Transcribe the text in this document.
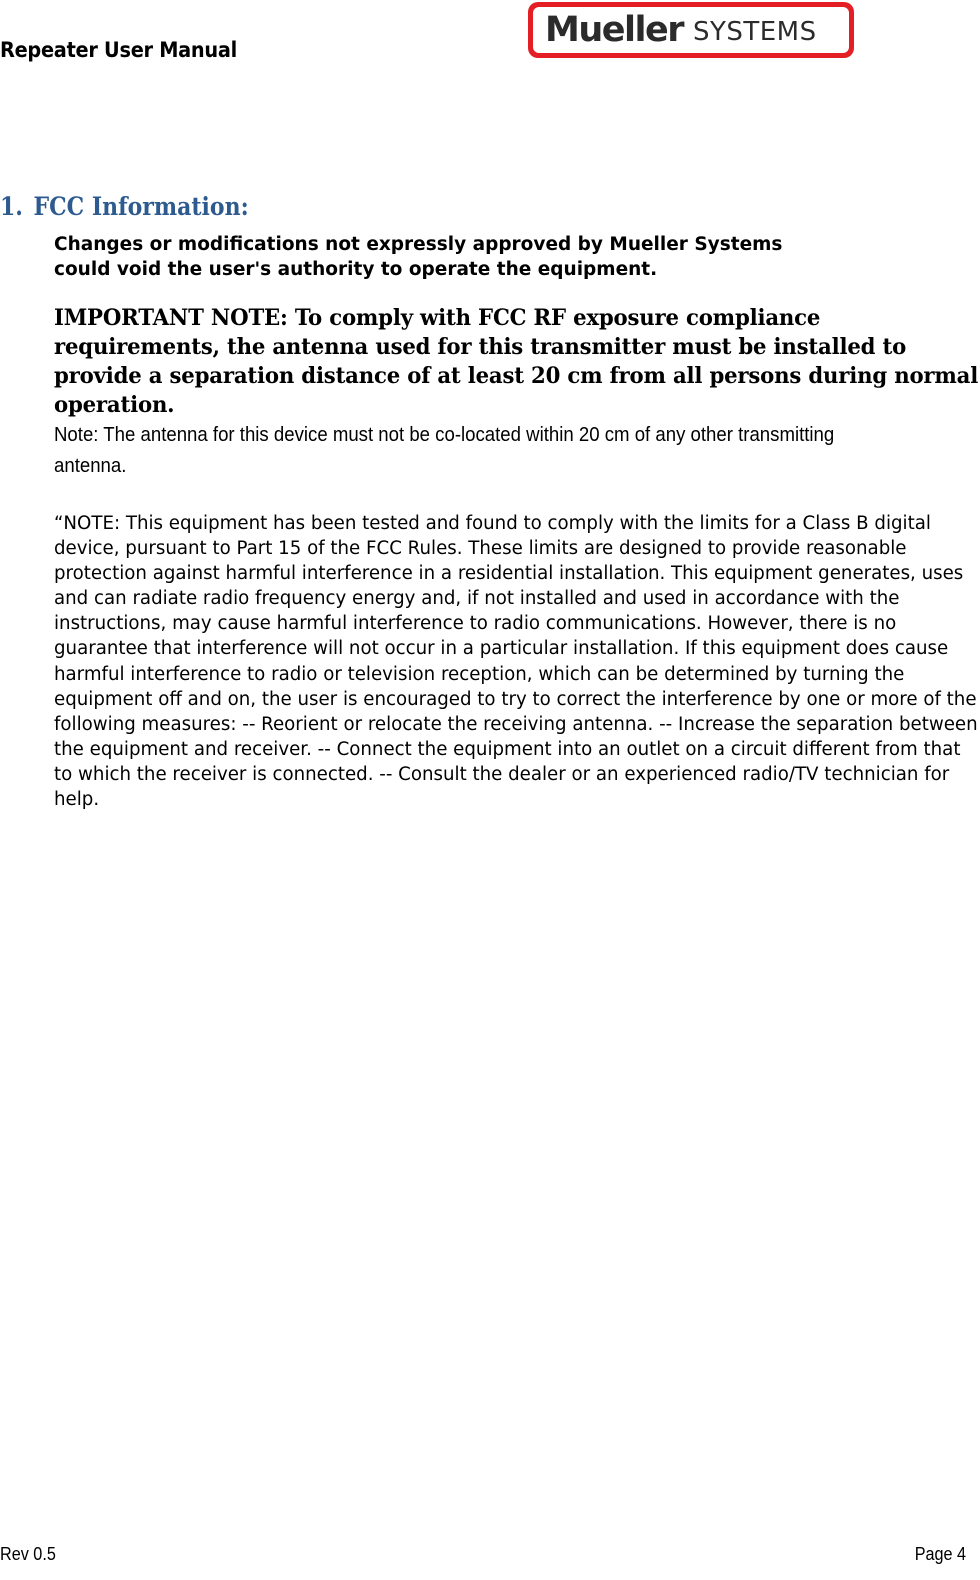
Repeater User Manual
Mueller SYSTEMS
1. FCC Information:
Changes or modifications not expressly approved by Mueller Systems
could void the user's authority to operate the equipment.
IMPORTANT NOTE: To comply with FCC RF exposure compliance requirements, the antenna used for this transmitter must be installed to provide a separation distance of at least 20 cm from all persons during normal operation.
Note: The antenna for this device must not be co-located within 20 cm of any other transmitting antenna.
“NOTE: This equipment has been tested and found to comply with the limits for a Class B digital device, pursuant to Part 15 of the FCC Rules. These limits are designed to provide reasonable protection against harmful interference in a residential installation. This equipment generates, uses and can radiate radio frequency energy and, if not installed and used in accordance with the instructions, may cause harmful interference to radio communications. However, there is no guarantee that interference will not occur in a particular installation. If this equipment does cause harmful interference to radio or television reception, which can be determined by turning the equipment off and on, the user is encouraged to try to correct the interference by one or more of the following measures: -- Reorient or relocate the receiving antenna. -- Increase the separation between the equipment and receiver. -- Connect the equipment into an outlet on a circuit different from that to which the receiver is connected. -- Consult the dealer or an experienced radio/TV technician for help.
Rev 0.5	Page 4
